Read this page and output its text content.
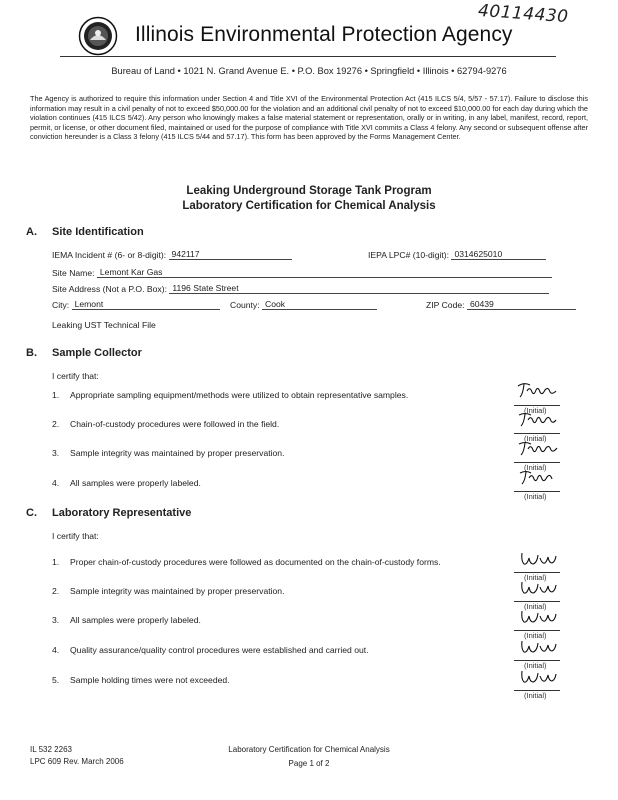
40114430
Illinois Environmental Protection Agency
Bureau of Land • 1021 N. Grand Avenue E. • P.O. Box 19276 • Springfield • Illinois • 62794-9276
The Agency is authorized to require this information under Section 4 and Title XVI of the Environmental Protection Act (415 ILCS 5/4, 5/57 - 57.17). Failure to disclose this information may result in a civil penalty of not to exceed $50,000.00 for the violation and an additional civil penalty of not to exceed $10,000.00 for each day during which the violation continues (415 ILCS 5/42). Any person who knowingly makes a false material statement or representation, orally or in writing, in any label, manifest, record, report, permit, or license, or other document filed, maintained or used for the purpose of compliance with Title XVI commits a Class 4 felony. Any second or subsequent offense after conviction hereunder is a Class 3 felony (415 ILCS 5/44 and 57.17). This form has been approved by the Forms Management Center.
Leaking Underground Storage Tank Program
Laboratory Certification for Chemical Analysis
A. Site Identification
IEMA Incident # (6- or 8-digit): 942117	IEPA LPC# (10-digit): 0314625010
Site Name: Lemont Kar Gas
Site Address (Not a P.O. Box): 1196 State Street
City: Lemont	County: Cook	ZIP Code: 60439
Leaking UST Technical File
B. Sample Collector
I certify that:
1. Appropriate sampling equipment/methods were utilized to obtain representative samples.
2. Chain-of-custody procedures were followed in the field.
3. Sample integrity was maintained by proper preservation.
4. All samples were properly labeled.
(Initial)
(Initial)
(Initial)
(Initial)
C. Laboratory Representative
I certify that:
1. Proper chain-of-custody procedures were followed as documented on the chain-of-custody forms.
2. Sample integrity was maintained by proper preservation.
3. All samples were properly labeled.
4. Quality assurance/quality control procedures were established and carried out.
5. Sample holding times were not exceeded.
(Initial)
(Initial)
(Initial)
(Initial)
(Initial)
IL 532 2263
LPC 609 Rev. March 2006
Laboratory Certification for Chemical Analysis
Page 1 of 2
